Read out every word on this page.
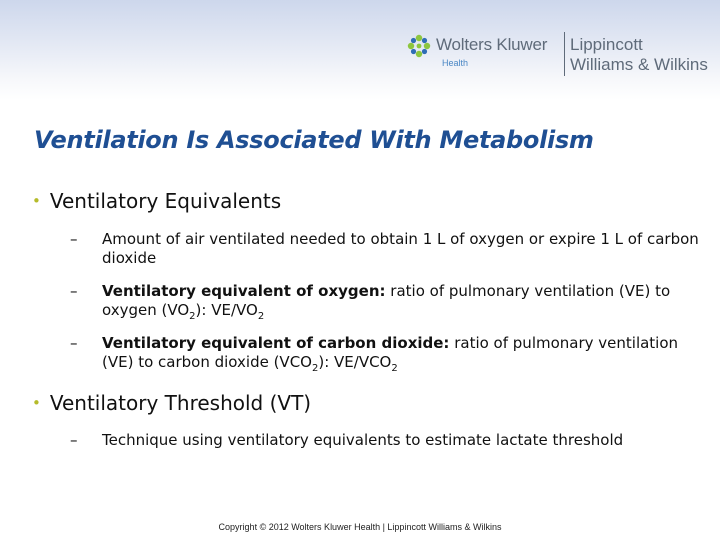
Wolters Kluwer
Health
Lippincott
Williams & Wilkins
Ventilation Is Associated With Metabolism
• Ventilatory Equivalents
–	Amount of air ventilated needed to obtain 1 L of oxygen or expire 1 L of carbon dioxide
–	Ventilatory equivalent of oxygen: ratio of pulmonary ventilation (VE) to oxygen $(VO_2)$: $VE/VO_2$
–	Ventilatory equivalent of carbon dioxide: ratio of pulmonary ventilation (VE) to carbon dioxide $(VCO_2)$: $VE/VCO_2$
• Ventilatory Threshold (VT)
–	Technique using ventilatory equivalents to estimate lactate threshold
Copyright © 2012 Wolters Kluwer Health | Lippincott Williams & Wilkins
